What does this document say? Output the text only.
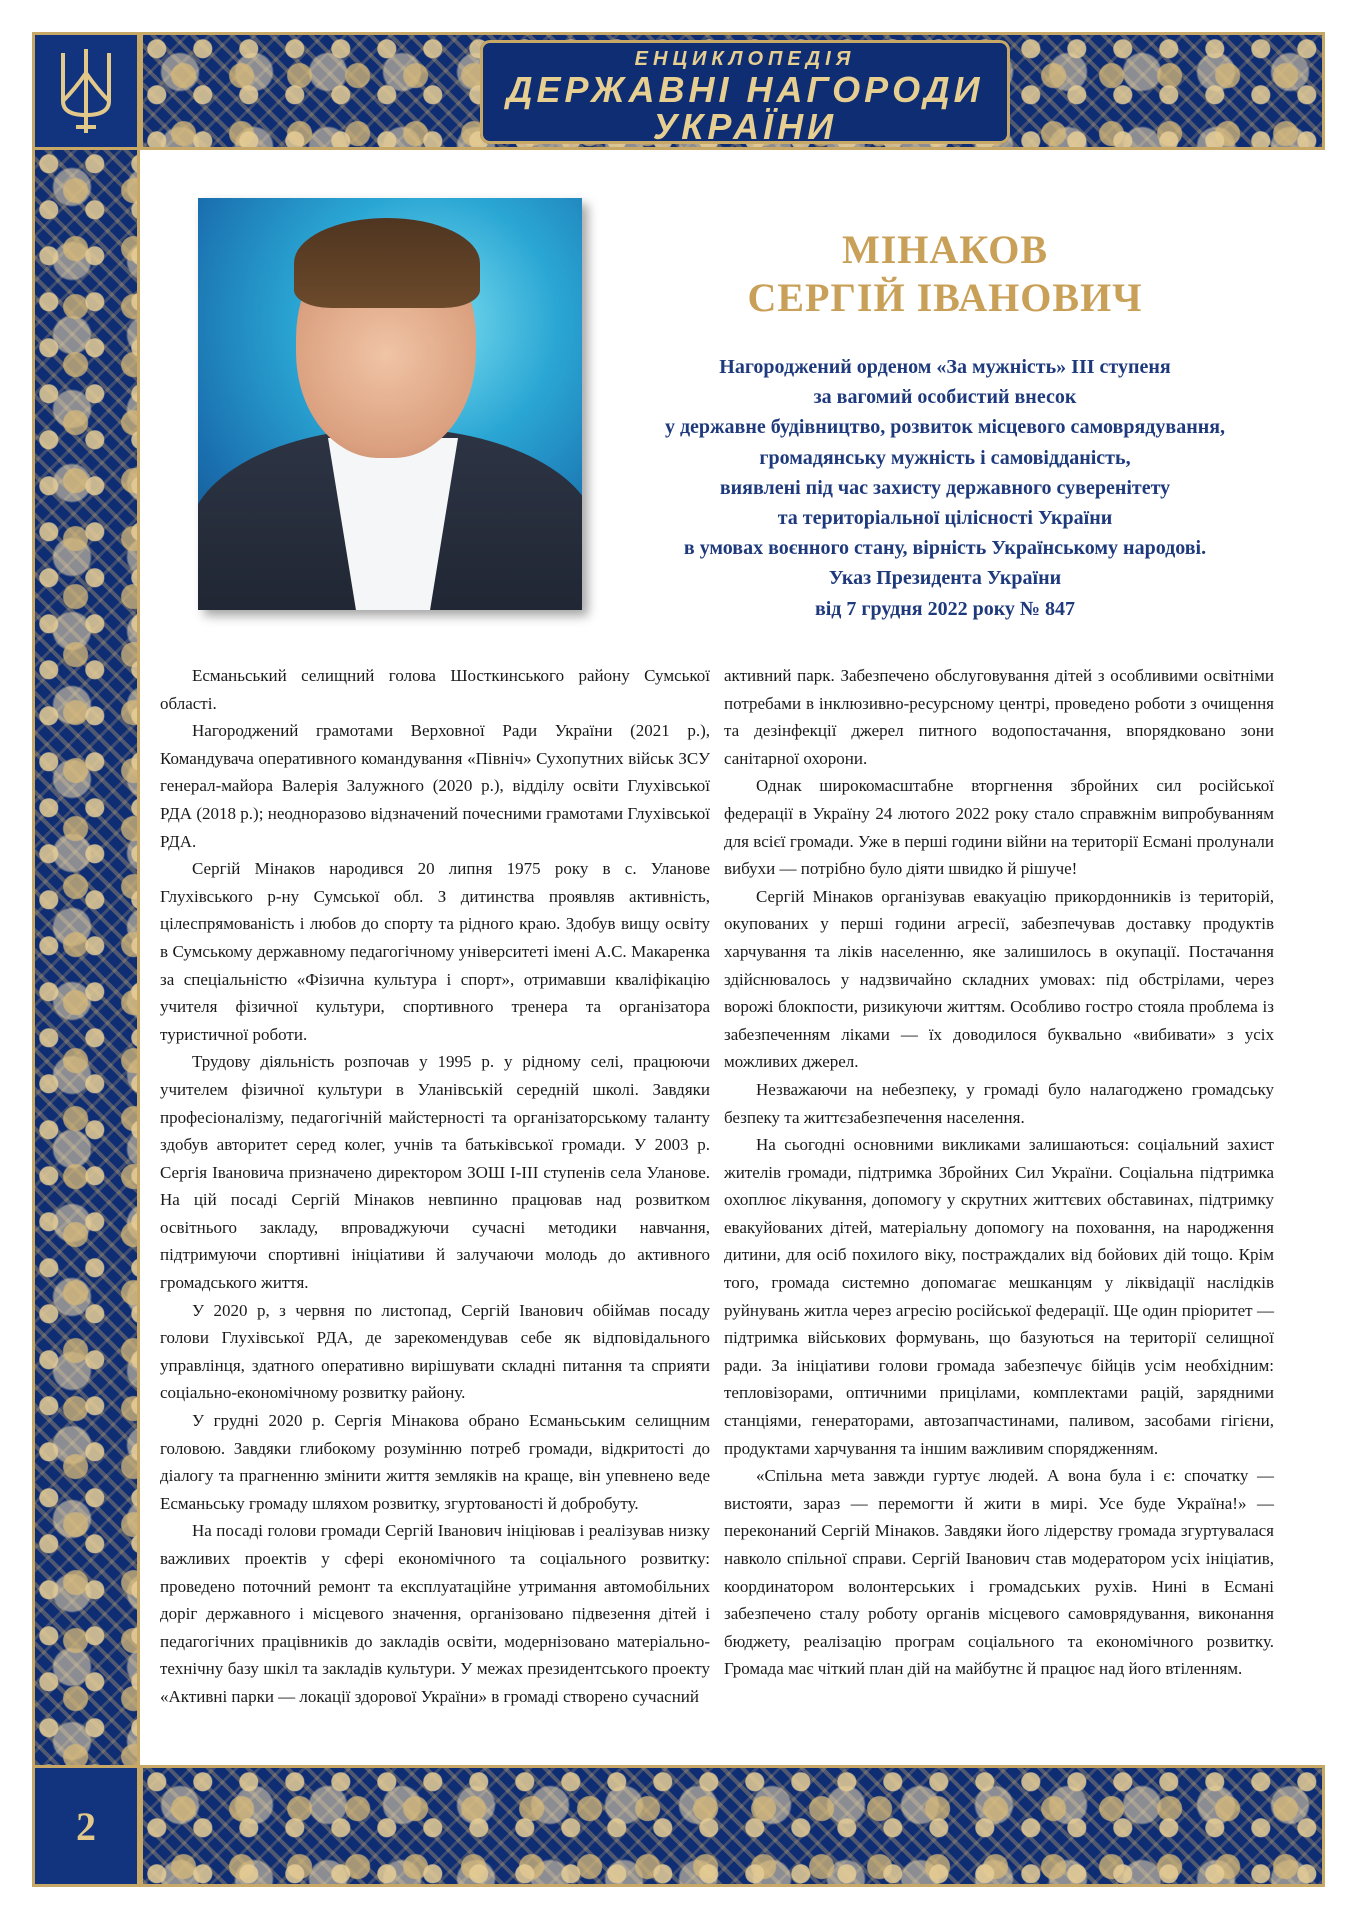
2
ЕНЦИКЛОПЕДІЯ
ДЕРЖАВНІ НАГОРОДИ
УКРАЇНИ
МІНАКОВ
СЕРГІЙ ІВАНОВИЧ
Нагороджений орденом «За мужність» ІІІ ступеня
за вагомий особистий внесок
у державне будівництво, розвиток місцевого самоврядування,
громадянську мужність і самовідданість,
виявлені під час захисту державного суверенітету
та територіальної цілісності України
в умовах воєнного стану, вірність Українському народові.
Указ Президента України
від 7 грудня 2022 року № 847

Есманьський селищний голова Шосткинського району Сумської області.

Нагороджений грамотами Верховної Ради України (2021 р.), Командувача оперативного командування «Північ» Сухопутних військ ЗСУ генерал-майора Валерія Залужного (2020 р.), відділу освіти Глухівської РДА (2018 р.); неодноразово відзначений почесними грамотами Глухівської РДА.

Сергій Мінаков народився 20 липня 1975 року в с. Уланове Глухівського р-ну Сумської обл. З дитинства проявляв активність, цілеспрямованість і любов до спорту та рідного краю. Здобув вищу освіту в Сумському державному педагогічному університеті імені А.С. Макаренка за спеціальністю «Фізична культура і спорт», отримавши кваліфікацію учителя фізичної культури, спортивного тренера та організатора туристичної роботи.

Трудову діяльність розпочав у 1995 р. у рідному селі, працюючи учителем фізичної культури в Уланівській середній школі. Завдяки професіоналізму, педагогічній майстерності та організаторському таланту здобув авторитет серед колег, учнів та батьківської громади. У 2003 р. Сергія Івановича призначено директором ЗОШ І-ІІІ ступенів села Уланове. На цій посаді Сергій Мінаков невпинно працював над розвитком освітнього закладу, впроваджуючи сучасні методики навчання, підтримуючи спортивні ініціативи й залучаючи молодь до активного громадського життя.

У 2020 р, з червня по листопад, Сергій Іванович обіймав посаду голови Глухівської РДА, де зарекомендував себе як відповідального управлінця, здатного оперативно вирішувати складні питання та сприяти соціально-економічному розвитку району.

У грудні 2020 р. Сергія Мінакова обрано Есманьським селищним головою. Завдяки глибокому розумінню потреб громади, відкритості до діалогу та прагненню змінити життя земляків на краще, він упевнено веде Есманьську громаду шляхом розвитку, згуртованості й добробуту.

На посаді голови громади Сергій Іванович ініціював і реалізував низку важливих проектів у сфері економічного та соціального розвитку: проведено поточний ремонт та експлуатаційне утримання автомобільних доріг державного і місцевого значення, організовано підвезення дітей і педагогічних працівників до закладів освіти, модернізовано матеріально-технічну базу шкіл та закладів культури. У межах президентського проекту «Активні парки — локації здорової України» в громаді створено сучасний

активний парк. Забезпечено обслуговування дітей з особливими освітніми потребами в інклюзивно-ресурсному центрі, проведено роботи з очищення та дезінфекції джерел питного водопостачання, впорядковано зони санітарної охорони.

Однак широкомасштабне вторгнення збройних сил російської федерації в Україну 24 лютого 2022 року стало справжнім випробуванням для всієї громади. Уже в перші години війни на території Есмані пролунали вибухи — потрібно було діяти швидко й рішуче!

Сергій Мінаков організував евакуацію прикордонників із територій, окупованих у перші години агресії, забезпечував доставку продуктів харчування та ліків населенню, яке залишилось в окупації. Постачання здійснювалось у надзвичайно складних умовах: під обстрілами, через ворожі блокпости, ризикуючи життям. Особливо гостро стояла проблема із забезпеченням ліками — їх доводилося буквально «вибивати» з усіх можливих джерел.

Незважаючи на небезпеку, у громаді було налагоджено громадську безпеку та життєзабезпечення населення.

На сьогодні основними викликами залишаються: соціальний захист жителів громади, підтримка Збройних Сил України. Соціальна підтримка охоплює лікування, допомогу у скрутних життєвих обставинах, підтримку евакуйованих дітей, матеріальну допомогу на поховання, на народження дитини, для осіб похилого віку, постраждалих від бойових дій тощо. Крім того, громада системно допомагає мешканцям у ліквідації наслідків руйнувань житла через агресію російської федерації. Ще один пріоритет — підтримка військових формувань, що базуються на території селищної ради. За ініціативи голови громада забезпечує бійців усім необхідним: тепловізорами, оптичними прицілами, комплектами рацій, зарядними станціями, генераторами, автозапчастинами, паливом, засобами гігієни, продуктами харчування та іншим важливим спорядженням.

«Спільна мета завжди гуртує людей. А вона була і є: спочатку — вистояти, зараз — перемогти й жити в мирі. Усе буде Україна!» — переконаний Сергій Мінаков. Завдяки його лідерству громада згуртувалася навколо спільної справи. Сергій Іванович став модератором усіх ініціатив, координатором волонтерських і громадських рухів. Нині в Есмані забезпечено сталу роботу органів місцевого самоврядування, виконання бюджету, реалізацію програм соціального та економічного розвитку. Громада має чіткий план дій на майбутнє й працює над його втіленням.
